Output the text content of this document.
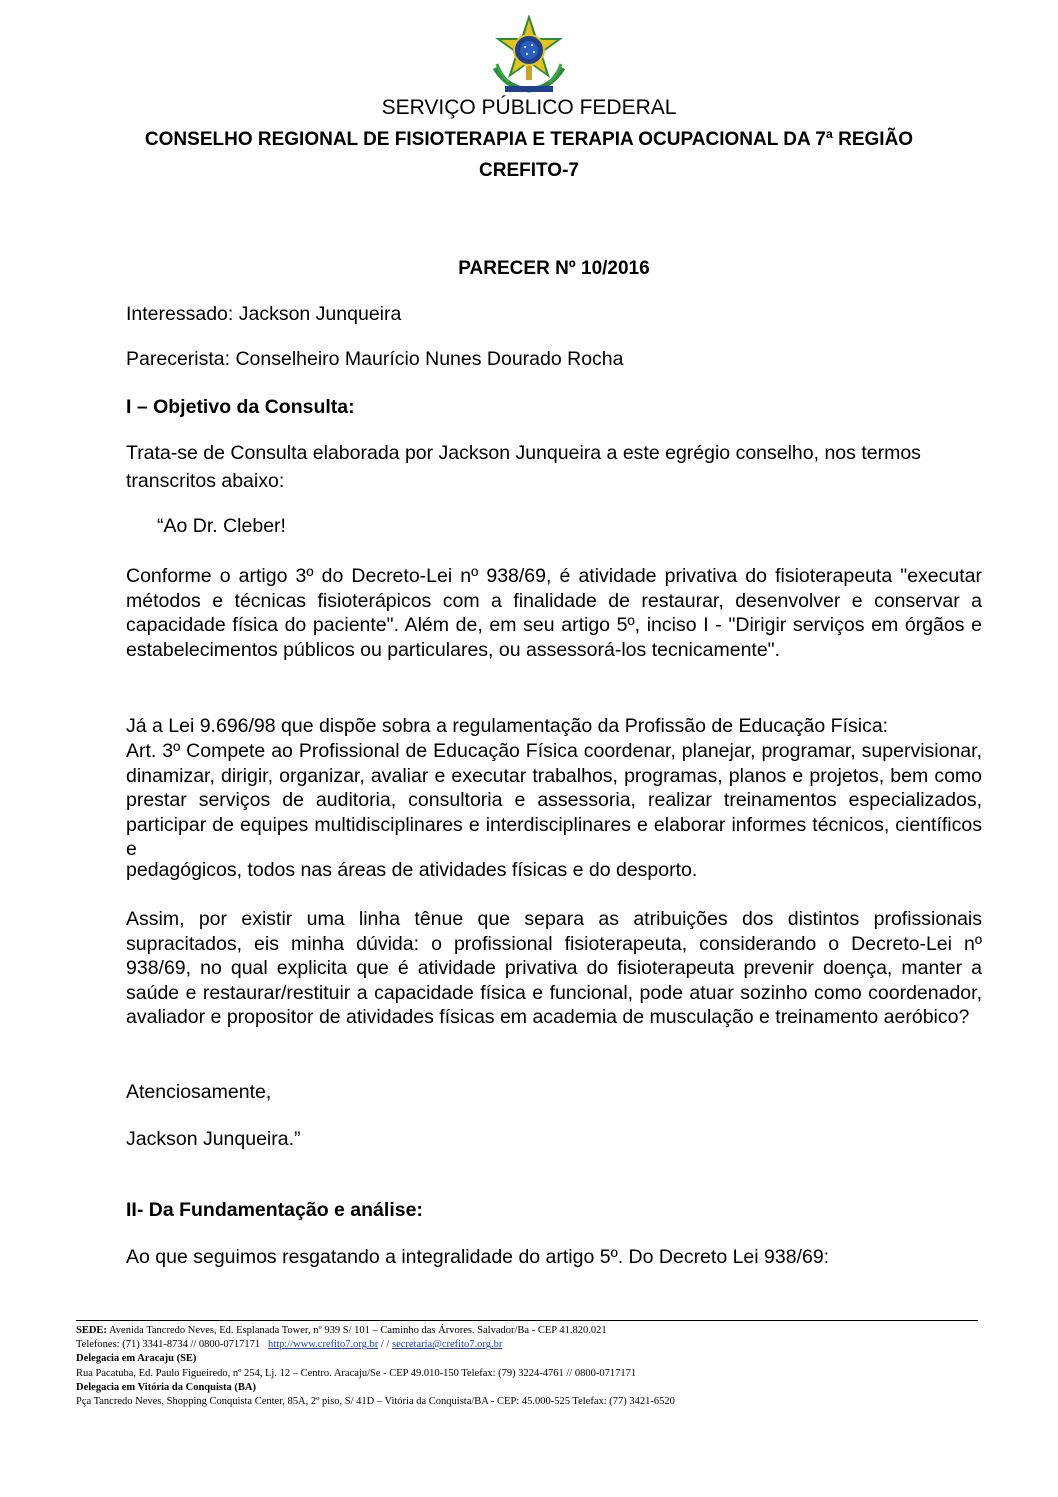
SERVIÇO PÚBLICO FEDERAL
CONSELHO REGIONAL DE FISIOTERAPIA E TERAPIA OCUPACIONAL DA 7ª REGIÃO
CREFITO-7
PARECER Nº 10/2016
Interessado: Jackson Junqueira
Parecerista: Conselheiro Maurício Nunes Dourado Rocha
I – Objetivo da Consulta:
Trata-se de Consulta elaborada por Jackson Junqueira a este egrégio conselho, nos termos
transcritos abaixo:
“Ao Dr. Cleber!
Conforme o artigo 3º do Decreto-Lei nº 938/69, é atividade privativa do fisioterapeuta "executar métodos e técnicas fisioterápicos com a finalidade de restaurar, desenvolver e conservar a capacidade física do paciente". Além de, em seu artigo 5º, inciso I - "Dirigir serviços em órgãos e estabelecimentos públicos ou particulares, ou assessorá-los tecnicamente".
Já a Lei 9.696/98 que dispõe sobra a regulamentação da Profissão de Educação Física:
Art. 3º Compete ao Profissional de Educação Física coordenar, planejar, programar, supervisionar, dinamizar, dirigir, organizar, avaliar e executar trabalhos, programas, planos e projetos, bem como prestar serviços de auditoria, consultoria e assessoria, realizar treinamentos especializados, participar de equipes multidisciplinares e interdisciplinares e elaborar informes técnicos, científicos e
pedagógicos, todos nas áreas de atividades físicas e do desporto.
Assim, por existir uma linha tênue que separa as atribuições dos distintos profissionais supracitados, eis minha dúvida: o profissional fisioterapeuta, considerando o Decreto-Lei nº 938/69, no qual explicita que é atividade privativa do fisioterapeuta prevenir doença, manter a saúde e restaurar/restituir a capacidade física e funcional, pode atuar sozinho como coordenador, avaliador e propositor de atividades físicas em academia de musculação e treinamento aeróbico?
Atenciosamente,
Jackson Junqueira.”
II- Da Fundamentação e análise:
Ao que seguimos resgatando a integralidade do artigo 5º. Do Decreto Lei 938/69:
SEDE: Avenida Tancredo Neves, Ed. Esplanada Tower, nº 939 S/ 101 – Caminho das Árvores. Salvador/Ba - CEP 41.820.021
Telefones: (71) 3341-8734 // 0800-0717171 http://www.crefito7.org.br / / secretaria@crefito7.org.br
Delegacia em Aracaju (SE)
Rua Pacatuba, Ed. Paulo Figueiredo, nº 254, Lj. 12 – Centro. Aracaju/Se - CEP 49.010-150 Telefax: (79) 3224-4761 // 0800-0717171
Delegacia em Vitória da Conquista (BA)
Pça Tancredo Neves, Shopping Conquista Center, 85A, 2º piso, S/ 41D – Vitória da Conquista/BA - CEP: 45.000-525 Telefax: (77) 3421-6520
